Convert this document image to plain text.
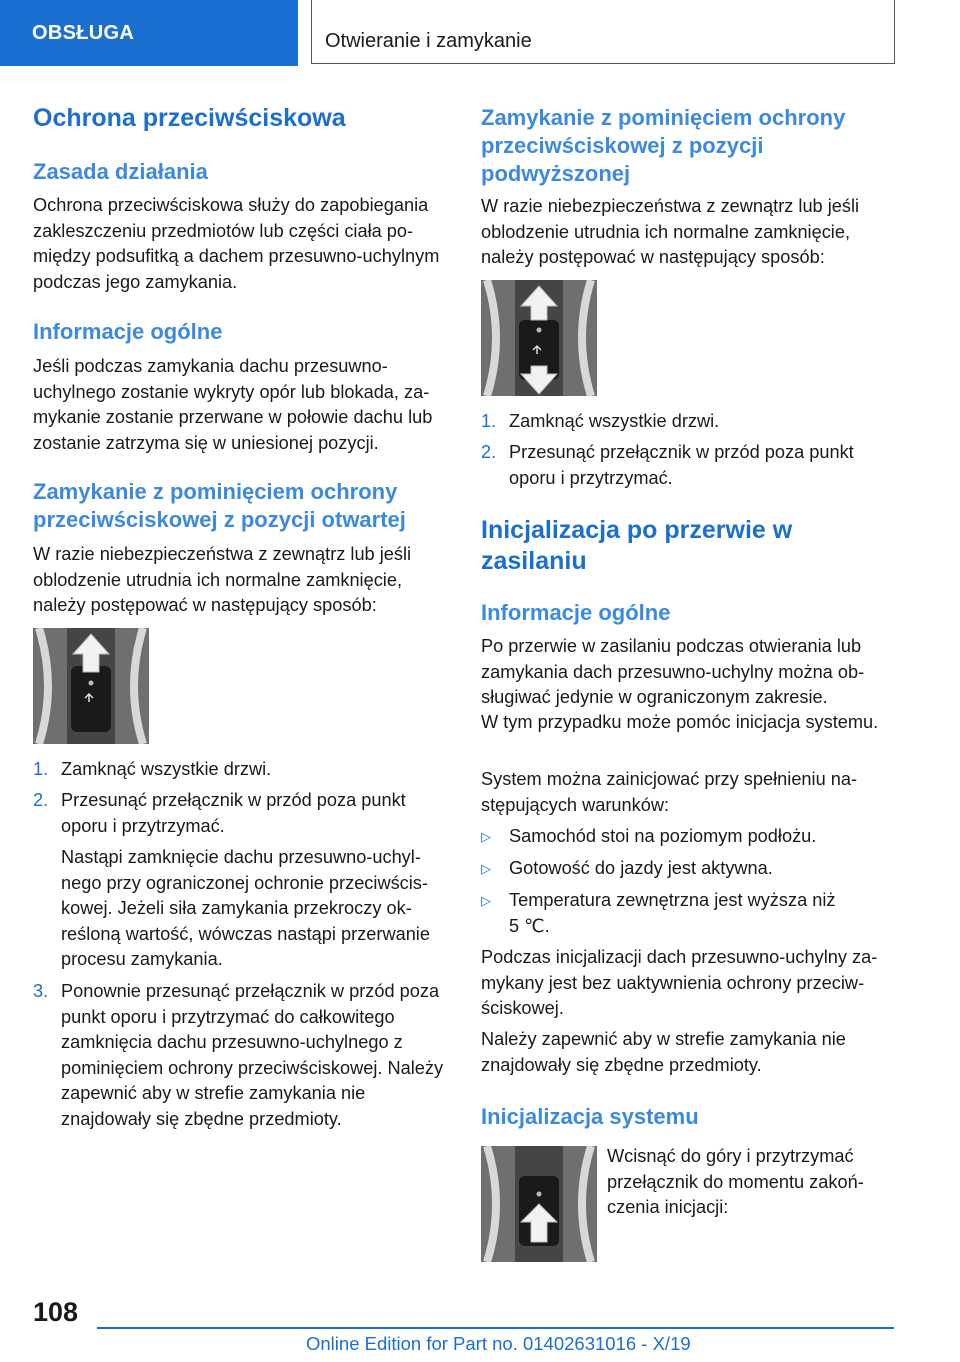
OBSŁUGA	Otwieranie i zamykanie
Ochrona przeciwściskowa
Zasada działania
Ochrona przeciwściskowa służy do zapobiegania zakleszczeniu przedmiotów lub części ciała pomiędzy podsufitką a dachem przesuwno-uchylnym podczas jego zamykania.
Informacje ogólne
Jeśli podczas zamykania dachu przesuwno-uchylnego zostanie wykryty opór lub blokada, zamykanie zostanie przerwane w połowie dachu lub zostanie zatrzyma się w uniesionej pozycji.
Zamykanie z pominięciem ochrony przeciwściskowej z pozycji otwartej
W razie niebezpieczeństwa z zewnątrz lub jeśli oblodzenie utrudnia ich normalne zamknięcie, należy postępować w następujący sposób:
1. Zamknąć wszystkie drzwi.
2. Przesunąć przełącznik w przód poza punkt oporu i przytrzymać.
Nastąpi zamknięcie dachu przesuwno-uchylnego przy ograniczonej ochronie przeciwściskowej. Jeżeli siła zamykania przekroczy określoną wartość, wówczas nastąpi przerwanie procesu zamykania.
3. Ponownie przesunąć przełącznik w przód poza punkt oporu i przytrzymać do całkowitego zamknięcia dachu przesuwno-uchylnego z pominięciem ochrony przeciwściskowej. Należy zapewnić aby w strefie zamykania nie znajdowały się zbędne przedmioty.
Zamykanie z pominięciem ochrony przeciwściskowej z pozycji podwyższonej
W razie niebezpieczeństwa z zewnątrz lub jeśli oblodzenie utrudnia ich normalne zamknięcie, należy postępować w następujący sposób:
1. Zamknąć wszystkie drzwi.
2. Przesunąć przełącznik w przód poza punkt oporu i przytrzymać.
Inicjalizacja po przerwie w zasilaniu
Informacje ogólne
Po przerwie w zasilaniu podczas otwierania lub zamykania dach przesuwno-uchylny można obsługiwać jedynie w ograniczonym zakresie.
W tym przypadku może pomóc inicjacja systemu.
System można zainicjować przy spełnieniu następujących warunków:
▷ Samochód stoi na poziomym podłożu.
▷ Gotowość do jazdy jest aktywna.
▷ Temperatura zewnętrzna jest wyższa niż 5 ℃.
Podczas inicjalizacji dach przesuwno-uchylny zamykany jest bez uaktywnienia ochrony przeciwściskowej.
Należy zapewnić aby w strefie zamykania nie znajdowały się zbędne przedmioty.
Inicjalizacja systemu
Wcisnąć do góry i przytrzymać przełącznik do momentu zakończenia inicjacji:
108
Online Edition for Part no. 01402631016 - X/19
